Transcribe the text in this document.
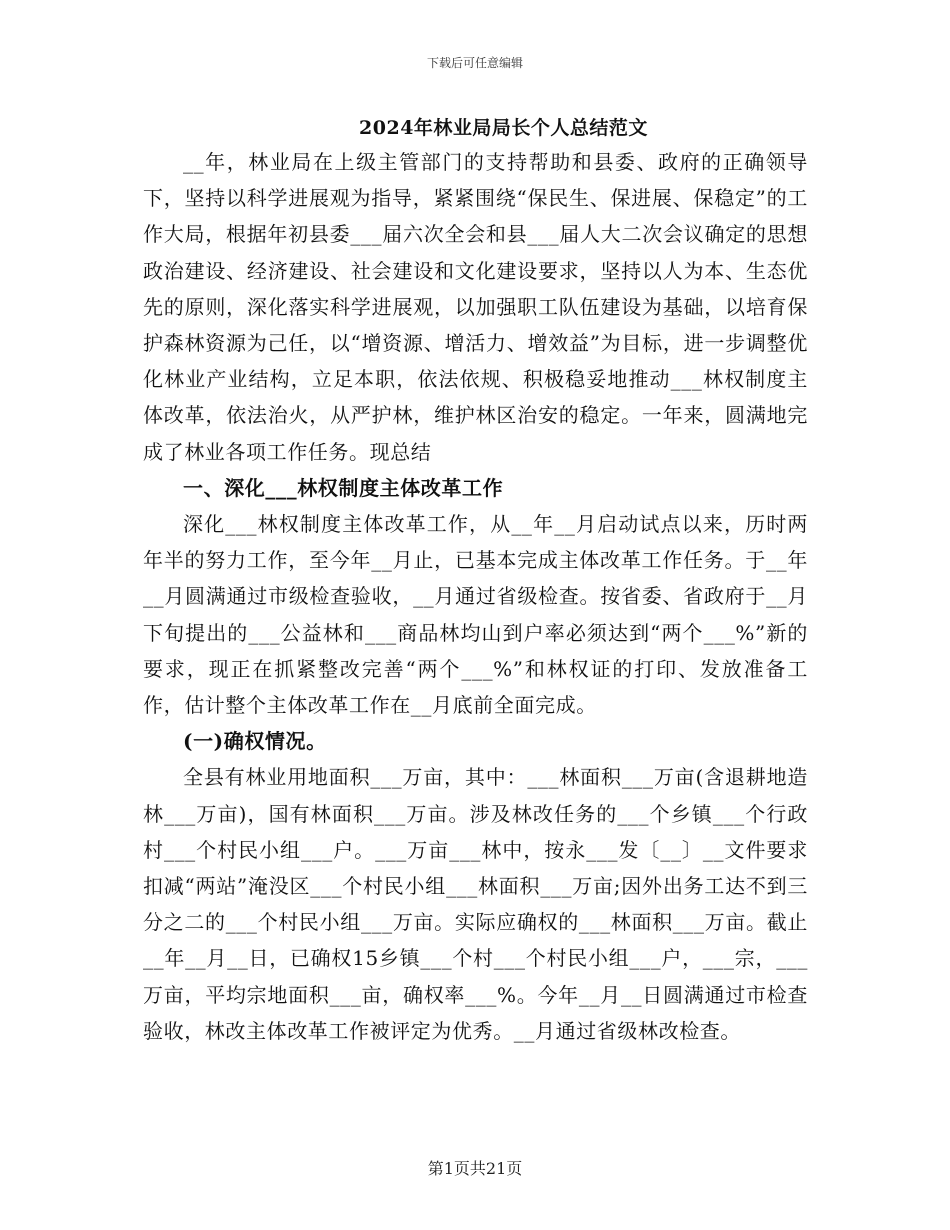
下载后可任意编辑
2024年林业局局长个人总结范文

__年，林业局在上级主管部门的支持帮助和县委、政府的正确领导下，坚持以科学进展观为指导，紧紧围绕“保民生、保进展、保稳定”的工作大局，根据年初县委___届六次全会和县___届人大二次会议确定的思想政治建设、经济建设、社会建设和文化建设要求，坚持以人为本、生态优先的原则，深化落实科学进展观，以加强职工队伍建设为基础，以培育保护森林资源为己任，以“增资源、增活力、增效益”为目标，进一步调整优化林业产业结构，立足本职，依法依规、积极稳妥地推动___林权制度主体改革，依法治火，从严护林，维护林区治安的稳定。一年来，圆满地完成了林业各项工作任务。现总结

一、深化___林权制度主体改革工作

深化___林权制度主体改革工作，从__年__月启动试点以来，历时两年半的努力工作，至今年__月止，已基本完成主体改革工作任务。于__年__月圆满通过市级检查验收，__月通过省级检查。按省委、省政府于__月下旬提出的___公益林和___商品林均山到户率必须达到“两个___%”新的要求，现正在抓紧整改完善“两个___%”和林权证的打印、发放准备工作，估计整个主体改革工作在__月底前全面完成。

(一)确权情况。

全县有林业用地面积___万亩，其中：___林面积___万亩(含退耕地造林___万亩)，国有林面积___万亩。涉及林改任务的___个乡镇___个行政村___个村民小组___户。___万亩___林中，按永___发〔__〕__文件要求扣减“两站”淹没区___个村民小组___林面积___万亩;因外出务工达不到三分之二的___个村民小组___万亩。实际应确权的___林面积___万亩。截止__年__月__日，已确权15乡镇___个村___个村民小组___户，___宗，___万亩，平均宗地面积___亩，确权率___%。今年__月__日圆满通过市检查验收，林改主体改革工作被评定为优秀。__月通过省级林改检查。

第1页共21页
